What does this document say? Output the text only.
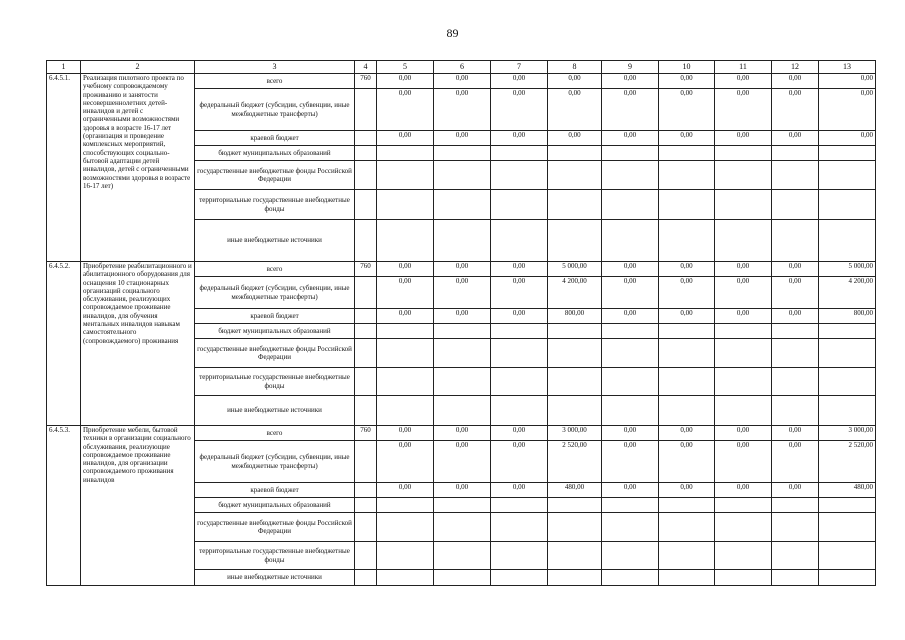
89
1	2	3	4	5	6	7	8	9	10	11	12	13
6.4.5.1.	Реализация пилотного проекта по учебному сопровождаемому проживанию и занятости несовершеннолетних детей-инвалидов и детей с ограниченными возможностями здоровья в возрасте 16-17 лет (организация и проведение комплексных мероприятий, способствующих социально-бытовой адаптации детей инвалидов, детей с ограниченными возможностями здоровья в возрасте 16-17 лет)	всего	760	0,00	0,00	0,00	0,00	0,00	0,00	0,00	0,00	0,00
		федеральный бюджет (субсидии, субвенции, иные межбюджетные трансферты)		0,00	0,00	0,00	0,00	0,00	0,00	0,00	0,00	0,00
		краевой бюджет		0,00	0,00	0,00	0,00	0,00	0,00	0,00	0,00	0,00
		бюджет муниципальных образований										
		государственные внебюджетные фонды Российской Федерации										
		территориальные государственные внебюджетные фонды										
		иные внебюджетные источники										
6.4.5.2.	Приобретение реабилитационного и абилитационного оборудования для оснащения 10 стационарных организаций социального обслуживания, реализующих сопровождаемое проживание инвалидов, для обучения ментальных инвалидов навыкам самостоятельного (сопровождаемого) проживания	всего	760	0,00	0,00	0,00	5 000,00	0,00	0,00	0,00	0,00	5 000,00
		федеральный бюджет (субсидии, субвенции, иные межбюджетные трансферты)		0,00	0,00	0,00	4 200,00	0,00	0,00	0,00	0,00	4 200,00
		краевой бюджет		0,00	0,00	0,00	800,00	0,00	0,00	0,00	0,00	800,00
		бюджет муниципальных образований										
		государственные внебюджетные фонды Российской Федерации										
		территориальные государственные внебюджетные фонды										
		иные внебюджетные источники										
6.4.5.3.	Приобретение мебели, бытовой техники в организации социального обслуживания, реализующие сопровождаемое проживание инвалидов, для организации сопровождаемого проживания инвалидов	всего	760	0,00	0,00	0,00	3 000,00	0,00	0,00	0,00	0,00	3 000,00
		федеральный бюджет (субсидии, субвенции, иные межбюджетные трансферты)		0,00	0,00	0,00	2 520,00	0,00	0,00	0,00	0,00	2 520,00
		краевой бюджет		0,00	0,00	0,00	480,00	0,00	0,00	0,00	0,00	480,00
		бюджет муниципальных образований										
		государственные внебюджетные фонды Российской Федерации										
		территориальные государственные внебюджетные фонды										
		иные внебюджетные источники										
